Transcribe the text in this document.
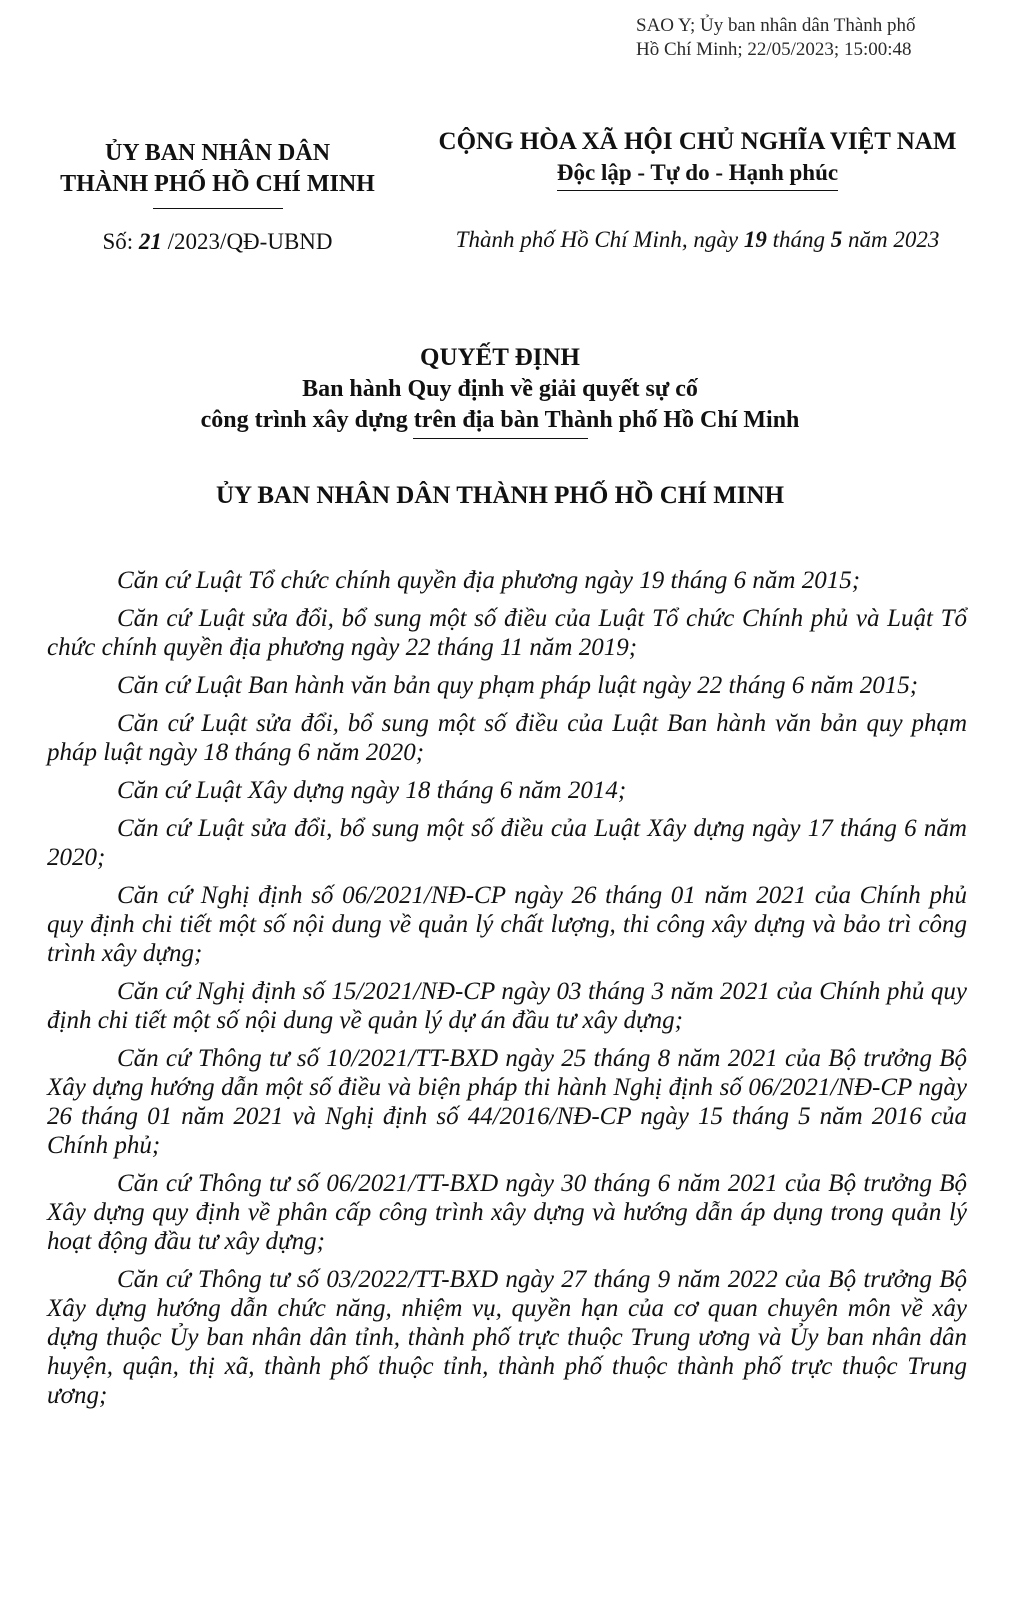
SAO Y; Ủy ban nhân dân Thành phố
Hồ Chí Minh; 22/05/2023; 15:00:48
ỦY BAN NHÂN DÂN
THÀNH PHỐ HỒ CHÍ MINH
CỘNG HÒA XÃ HỘI CHỦ NGHĨA VIỆT NAM
Độc lập - Tự do - Hạnh phúc
Số: 21 /2023/QĐ-UBND	Thành phố Hồ Chí Minh, ngày 19 tháng 5 năm 2023
QUYẾT ĐỊNH
Ban hành Quy định về giải quyết sự cố
công trình xây dựng trên địa bàn Thành phố Hồ Chí Minh
ỦY BAN NHÂN DÂN THÀNH PHỐ HỒ CHÍ MINH

Căn cứ Luật Tổ chức chính quyền địa phương ngày 19 tháng 6 năm 2015;

Căn cứ Luật sửa đổi, bổ sung một số điều của Luật Tổ chức Chính phủ và Luật Tổ chức chính quyền địa phương ngày 22 tháng 11 năm 2019;

Căn cứ Luật Ban hành văn bản quy phạm pháp luật ngày 22 tháng 6 năm 2015;

Căn cứ Luật sửa đổi, bổ sung một số điều của Luật Ban hành văn bản quy phạm pháp luật ngày 18 tháng 6 năm 2020;

Căn cứ Luật Xây dựng ngày 18 tháng 6 năm 2014;

Căn cứ Luật sửa đổi, bổ sung một số điều của Luật Xây dựng ngày 17 tháng 6 năm 2020;

Căn cứ Nghị định số 06/2021/NĐ-CP ngày 26 tháng 01 năm 2021 của Chính phủ quy định chi tiết một số nội dung về quản lý chất lượng, thi công xây dựng và bảo trì công trình xây dựng;

Căn cứ Nghị định số 15/2021/NĐ-CP ngày 03 tháng 3 năm 2021 của Chính phủ quy định chi tiết một số nội dung về quản lý dự án đầu tư xây dựng;

Căn cứ Thông tư số 10/2021/TT-BXD ngày 25 tháng 8 năm 2021 của Bộ trưởng Bộ Xây dựng hướng dẫn một số điều và biện pháp thi hành Nghị định số 06/2021/NĐ-CP ngày 26 tháng 01 năm 2021 và Nghị định số 44/2016/NĐ-CP ngày 15 tháng 5 năm 2016 của Chính phủ;

Căn cứ Thông tư số 06/2021/TT-BXD ngày 30 tháng 6 năm 2021 của Bộ trưởng Bộ Xây dựng quy định về phân cấp công trình xây dựng và hướng dẫn áp dụng trong quản lý hoạt động đầu tư xây dựng;

Căn cứ Thông tư số 03/2022/TT-BXD ngày 27 tháng 9 năm 2022 của Bộ trưởng Bộ Xây dựng hướng dẫn chức năng, nhiệm vụ, quyền hạn của cơ quan chuyên môn về xây dựng thuộc Ủy ban nhân dân tỉnh, thành phố trực thuộc Trung ương và Ủy ban nhân dân huyện, quận, thị xã, thành phố thuộc tỉnh, thành phố thuộc thành phố trực thuộc Trung ương;
